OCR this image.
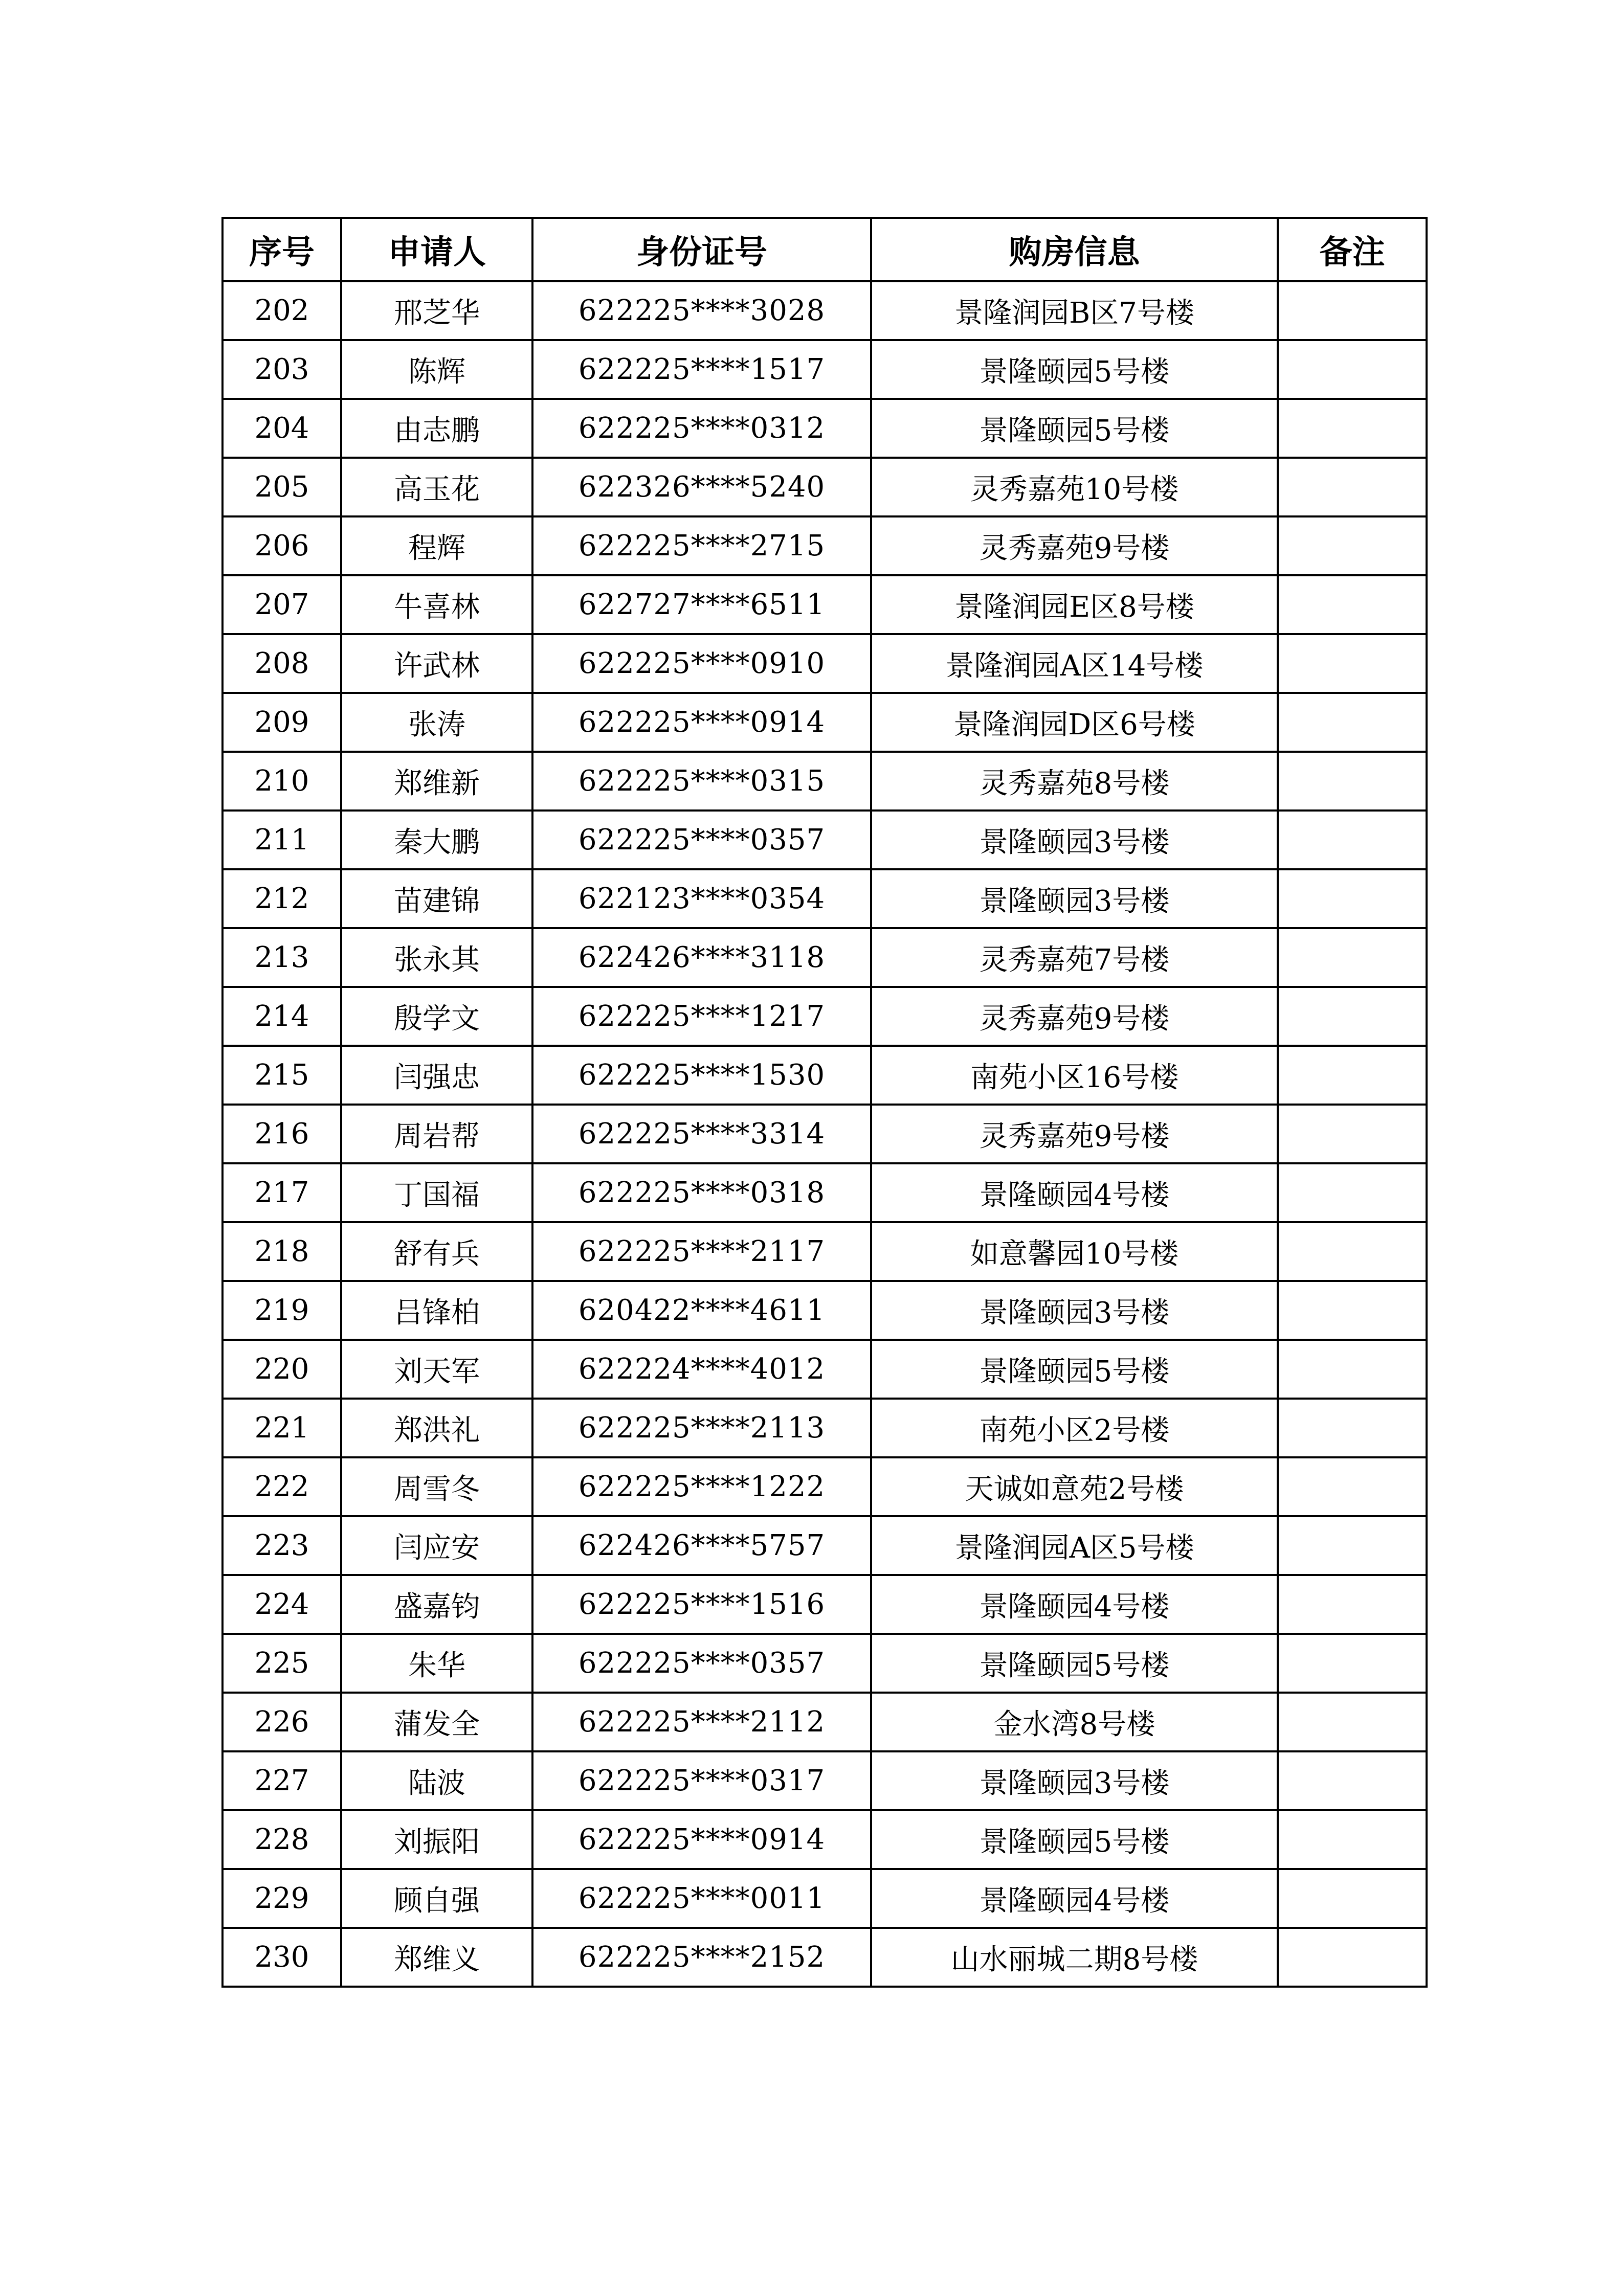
序号	申请人	身份证号	购房信息	备注
202	邢芝华	622225****3028	景隆润园B区7号楼	
203	陈辉	622225****1517	景隆颐园5号楼	
204	由志鹏	622225****0312	景隆颐园5号楼	
205	高玉花	622326****5240	灵秀嘉苑10号楼	
206	程辉	622225****2715	灵秀嘉苑9号楼	
207	牛喜林	622727****6511	景隆润园E区8号楼	
208	许武林	622225****0910	景隆润园A区14号楼	
209	张涛	622225****0914	景隆润园D区6号楼	
210	郑维新	622225****0315	灵秀嘉苑8号楼	
211	秦大鹏	622225****0357	景隆颐园3号楼	
212	苗建锦	622123****0354	景隆颐园3号楼	
213	张永其	622426****3118	灵秀嘉苑7号楼	
214	殷学文	622225****1217	灵秀嘉苑9号楼	
215	闫强忠	622225****1530	南苑小区16号楼	
216	周岩帮	622225****3314	灵秀嘉苑9号楼	
217	丁国福	622225****0318	景隆颐园4号楼	
218	舒有兵	622225****2117	如意馨园10号楼	
219	吕锋柏	620422****4611	景隆颐园3号楼	
220	刘天军	622224****4012	景隆颐园5号楼	
221	郑洪礼	622225****2113	南苑小区2号楼	
222	周雪冬	622225****1222	天诚如意苑2号楼	
223	闫应安	622426****5757	景隆润园A区5号楼	
224	盛嘉钧	622225****1516	景隆颐园4号楼	
225	朱华	622225****0357	景隆颐园5号楼	
226	蒲发全	622225****2112	金水湾8号楼	
227	陆波	622225****0317	景隆颐园3号楼	
228	刘振阳	622225****0914	景隆颐园5号楼	
229	顾自强	622225****0011	景隆颐园4号楼	
230	郑维义	622225****2152	山水丽城二期8号楼	
